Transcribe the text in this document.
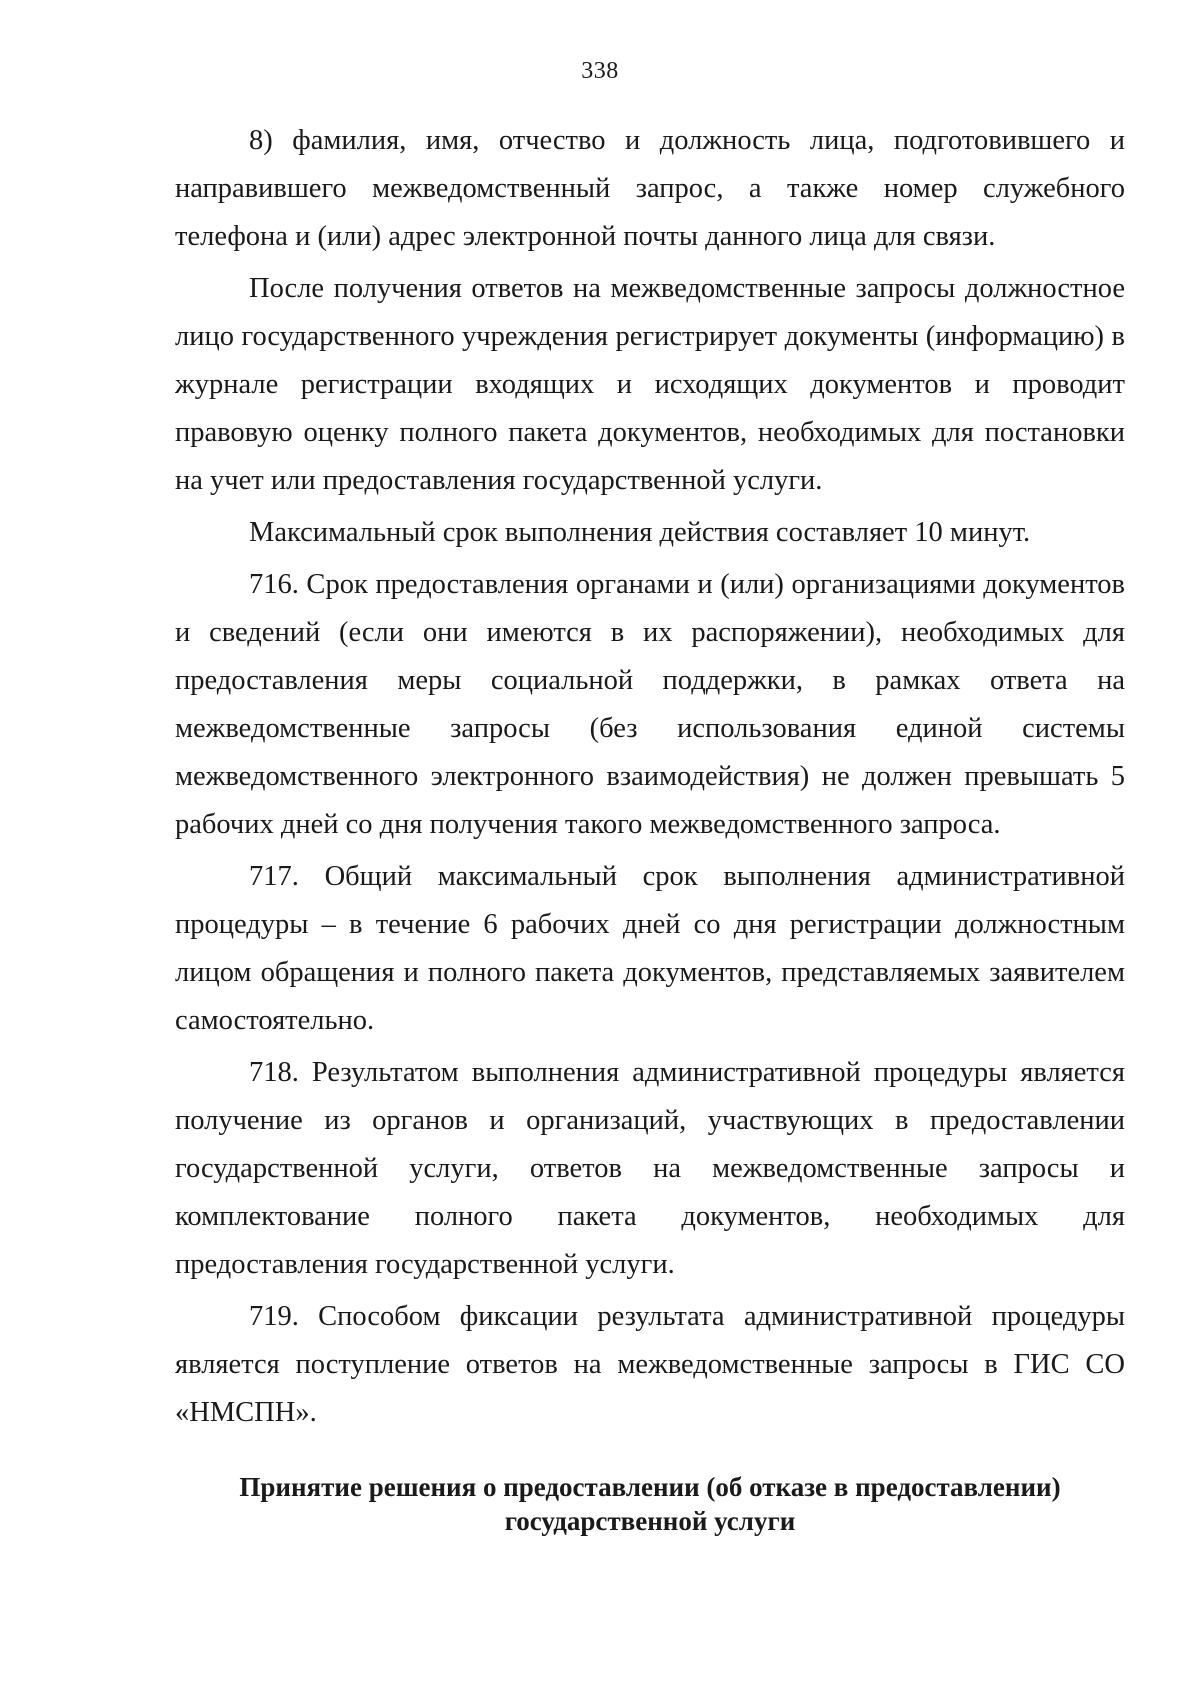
338

8) фамилия, имя, отчество и должность лица, подготовившего и направившего межведомственный запрос, а также номер служебного телефона и (или) адрес электронной почты данного лица для связи.

После получения ответов на межведомственные запросы должностное лицо государственного учреждения регистрирует документы (информацию) в журнале регистрации входящих и исходящих документов и проводит правовую оценку полного пакета документов, необходимых для постановки на учет или предоставления государственной услуги.

Максимальный срок выполнения действия составляет 10 минут.

716. Срок предоставления органами и (или) организациями документов и сведений (если они имеются в их распоряжении), необходимых для предоставления меры социальной поддержки, в рамках ответа на межведомственные запросы (без использования единой системы межведомственного электронного взаимодействия) не должен превышать 5 рабочих дней со дня получения такого межведомственного запроса.

717. Общий максимальный срок выполнения административной процедуры – в течение 6 рабочих дней со дня регистрации должностным лицом обращения и полного пакета документов, представляемых заявителем самостоятельно.

718. Результатом выполнения административной процедуры является получение из органов и организаций, участвующих в предоставлении государственной услуги, ответов на межведомственные запросы и комплектование полного пакета документов, необходимых для предоставления государственной услуги.

719. Способом фиксации результата административной процедуры является поступление ответов на межведомственные запросы в ГИС СО «НМСПН».

Принятие решения о предоставлении (об отказе в предоставлении) государственной услуги
